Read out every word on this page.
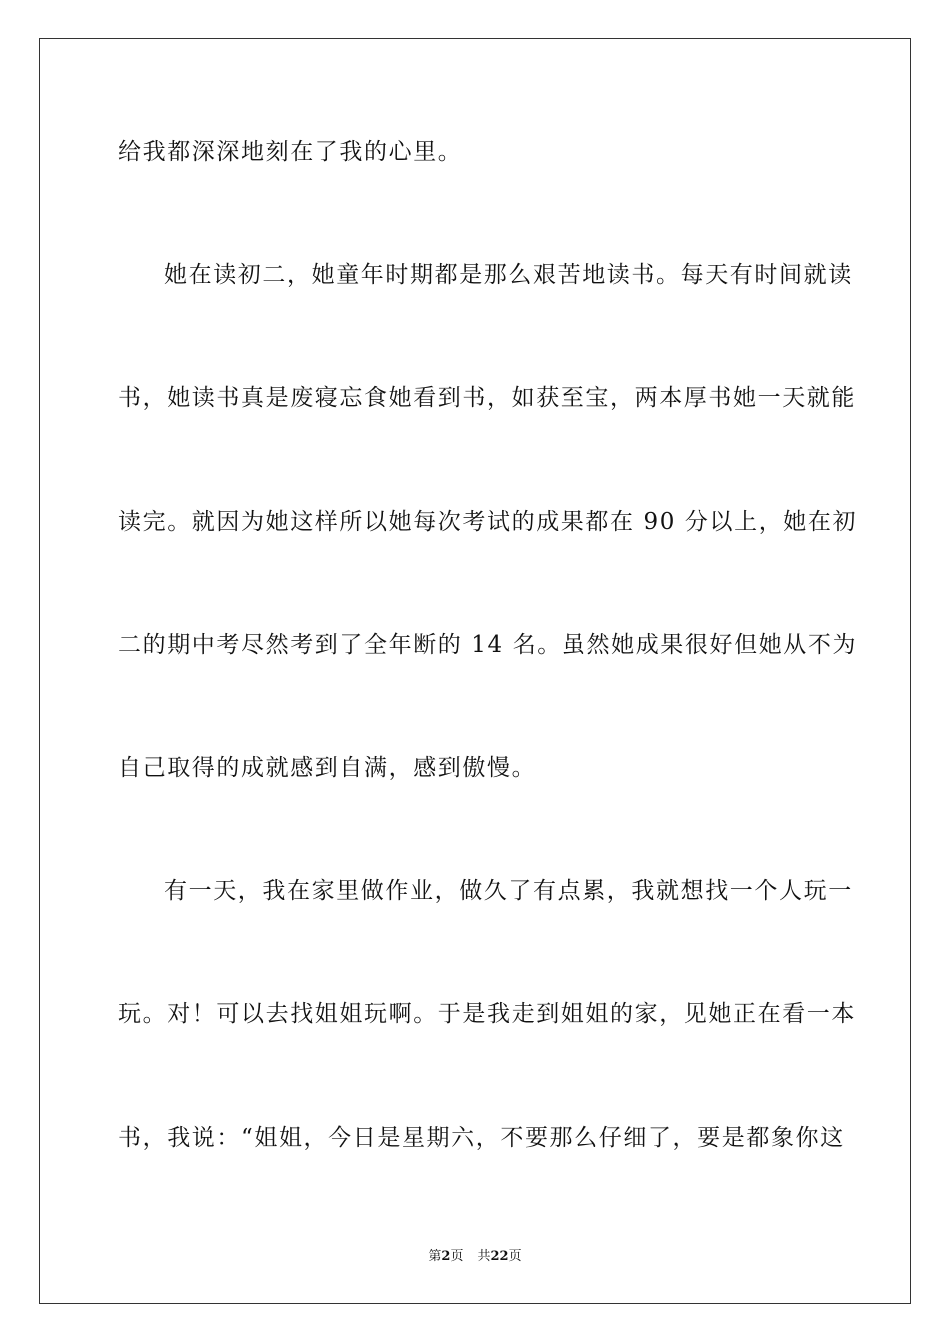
给我都深深地刻在了我的心里。
她在读初二，她童年时期都是那么艰苦地读书。每天有时间就读
书，她读书真是废寝忘食她看到书，如获至宝，两本厚书她一天就能
读完。就因为她这样所以她每次考试的成果都在 90 分以上，她在初
二的期中考尽然考到了全年断的 14 名。虽然她成果很好但她从不为
自己取得的成就感到自满，感到傲慢。
有一天，我在家里做作业，做久了有点累，我就想找一个人玩一
玩。对！可以去找姐姐玩啊。于是我走到姐姐的家，见她正在看一本
书，我说：“姐姐，今日是星期六，不要那么仔细了，要是都象你这
第2页 共22页
